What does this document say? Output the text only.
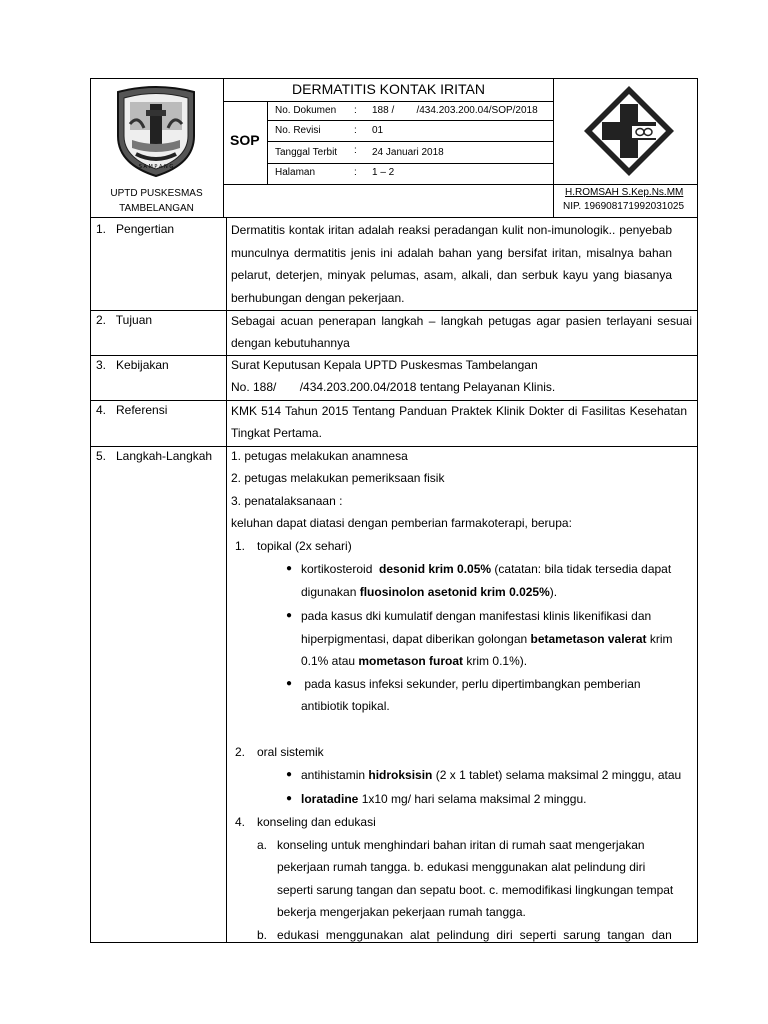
DERMATITIS KONTAK IRITAN
SOP
No. Dokumen : 188 /        /434.203.200.04/SOP/2018
No. Revisi	: 01
Tanggal Terbit : 24 Januari 2018
Halaman	: 1 – 2
UPTD PUSKESMAS
TAMBELANGAN
H.ROMSAH S.Kep.Ns.MM
NIP. 196908171992031025
S A M P A N G
1.   Pengertian	Dermatitis kontak iritan adalah reaksi peradangan kulit non-imunologik.. penyebab munculnya dermatitis jenis ini adalah bahan yang bersifat iritan, misalnya bahan pelarut, deterjen, minyak pelumas, asam, alkali, dan serbuk kayu yang biasanya berhubungan dengan pekerjaan.
2.   Tujuan	Sebagai acuan penerapan langkah – langkah petugas agar pasien terlayani sesuai dengan kebutuhannya
3.   Kebijakan	Surat Keputusan Kepala UPTD Puskesmas Tambelangan
No. 188/       /434.203.200.04/2018 tentang Pelayanan Klinis.
4.   Referensi	KMK 514 Tahun 2015 Tentang Panduan Praktek Klinik Dokter di Fasilitas Kesehatan Tingkat Pertama.
5.   Langkah-Langkah 1. petugas melakukan anamnesa
2. petugas melakukan pemeriksaan fisik
3. penatalaksanaan :
keluhan dapat diatasi dengan pemberian farmakoterapi, berupa:
1. topikal (2x sehari)
● kortikosteroid  desonid krim 0.05% (catatan: bila tidak tersedia dapat
digunakan fluosinolon asetonid krim 0.025%).
● pada kasus dki kumulatif dengan manifestasi klinis likenifikasi dan
hiperpigmentasi, dapat diberikan golongan betametason valerat krim
0.1% atau mometason furoat krim 0.1%).
● pada kasus infeksi sekunder, perlu dipertimbangkan pemberian
antibiotik topikal.
2. oral sistemik
● antihistamin hidroksisin (2 x 1 tablet) selama maksimal 2 minggu, atau
● loratadine 1x10 mg/ hari selama maksimal 2 minggu.
4. konseling dan edukasi
a. konseling untuk menghindari bahan iritan di rumah saat mengerjakan
pekerjaan rumah tangga. b. edukasi menggunakan alat pelindung diri
seperti sarung tangan dan sepatu boot. c. memodifikasi lingkungan tempat
bekerja mengerjakan pekerjaan rumah tangga.
b. edukasi  menggunakan  alat  pelindung  diri  seperti  sarung  tangan  dan
